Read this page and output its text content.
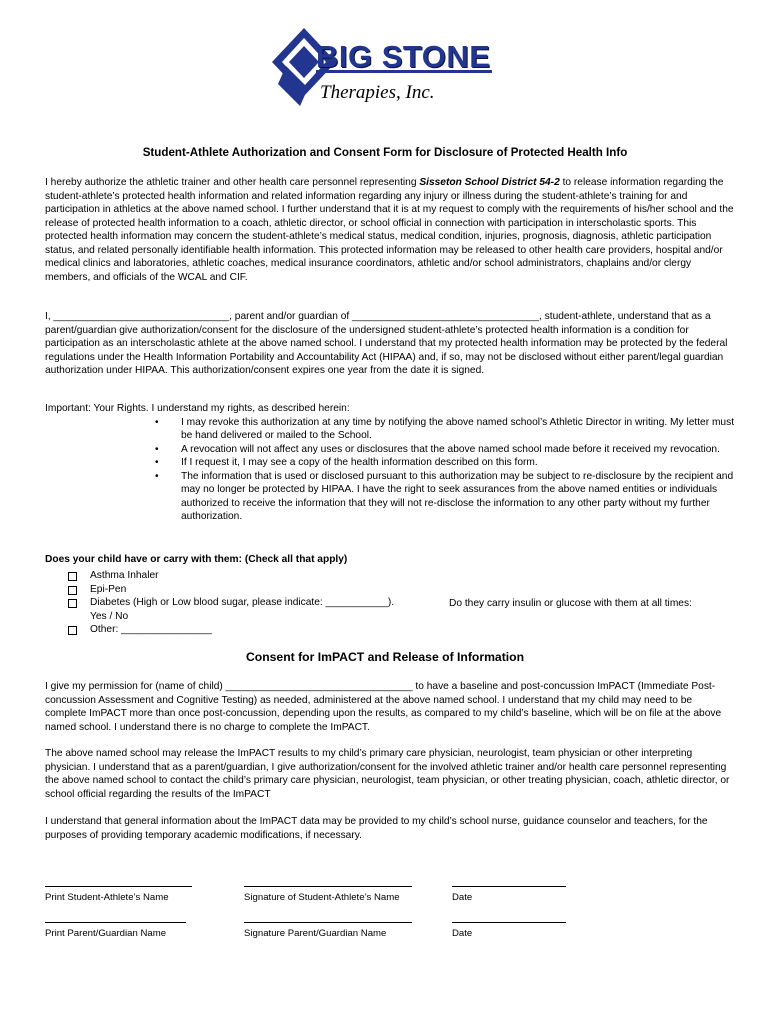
BIG STONE
Therapies, Inc.
Student-Athlete Authorization and Consent Form for Disclosure of Protected Health Info

I hereby authorize the athletic trainer and other health care personnel representing Sisseton School District 54-2 to release information regarding the student-athlete’s protected health information and related information regarding any injury or illness during the student-athlete’s training for and participation in athletics at the above named school. I further understand that it is at my request to comply with the requirements of his/her school and the release of protected health information to a coach, athletic director, or school official in connection with participation in interscholastic sports. This protected health information may concern the student-athlete’s medical status, medical condition, injuries, prognosis, diagnosis, athletic participation status, and related personally identifiable health information. This protected information may be released to other health care providers, hospital and/or medical clinics and laboratories, athletic coaches, medical insurance coordinators, athletic and/or school administrators, chaplains and/or clergy members, and officials of the WCAL and CIF.

I, _______________________________, parent and/or guardian of _________________________________, student-athlete, understand that as a parent/guardian give authorization/consent for the disclosure of the undersigned student-athlete’s protected health information is a condition for participation as an interscholastic athlete at the above named school. I understand that my protected health information may be protected by the federal regulations under the Health Information Portability and Accountability Act (HIPAA) and, if so, may not be disclosed without either parent/legal guardian authorization under HIPAA. This authorization/consent expires one year from the date it is signed.

Important: Your Rights. I understand my rights, as described herein:
• I may revoke this authorization at any time by notifying the above named school’s Athletic Director in writing. My letter must be hand delivered or mailed to the School.
• A revocation will not affect any uses or disclosures that the above named school made before it received my revocation.
• If I request it, I may see a copy of the health information described on this form.
• The information that is used or disclosed pursuant to this authorization may be subject to re-disclosure by the recipient and may no longer be protected by HIPAA. I have the right to seek assurances from the above named entities or individuals authorized to receive the information that they will not re-disclose the information to any other party without my further authorization.

Does your child have or carry with them: (Check all that apply)

Asthma Inhaler
Epi-Pen
Diabetes (High or Low blood sugar, please indicate: ___________).
Yes / No
Other: ________________
Do they carry insulin or glucose with them at all times:
Consent for ImPACT and Release of Information

I give my permission for (name of child) _________________________________ to have a baseline and post-concussion ImPACT (Immediate Post-concussion Assessment and Cognitive Testing) as needed, administered at the above named school. I understand that my child may need to be complete ImPACT more than once post-concussion, depending upon the results, as compared to my child’s baseline, which will be on file at the above named school. I understand there is no charge to complete the ImPACT.

The above named school may release the ImPACT results to my child’s primary care physician, neurologist, team physician or other interpreting physician. I understand that as a parent/guardian, I give authorization/consent for the involved athletic trainer and/or health care personnel representing the above named school to contact the child’s primary care physician, neurologist, team physician, or other treating physician, coach, athletic director, or school official regarding the results of the ImPACT

I understand that general information about the ImPACT data may be provided to my child’s school nurse, guidance counselor and teachers, for the purposes of providing temporary academic modifications, if necessary.

Print Student-Athlete’s Name	Signature of Student-Athlete’s Name	Date
Print Parent/Guardian Name	Signature Parent/Guardian Name	Date
